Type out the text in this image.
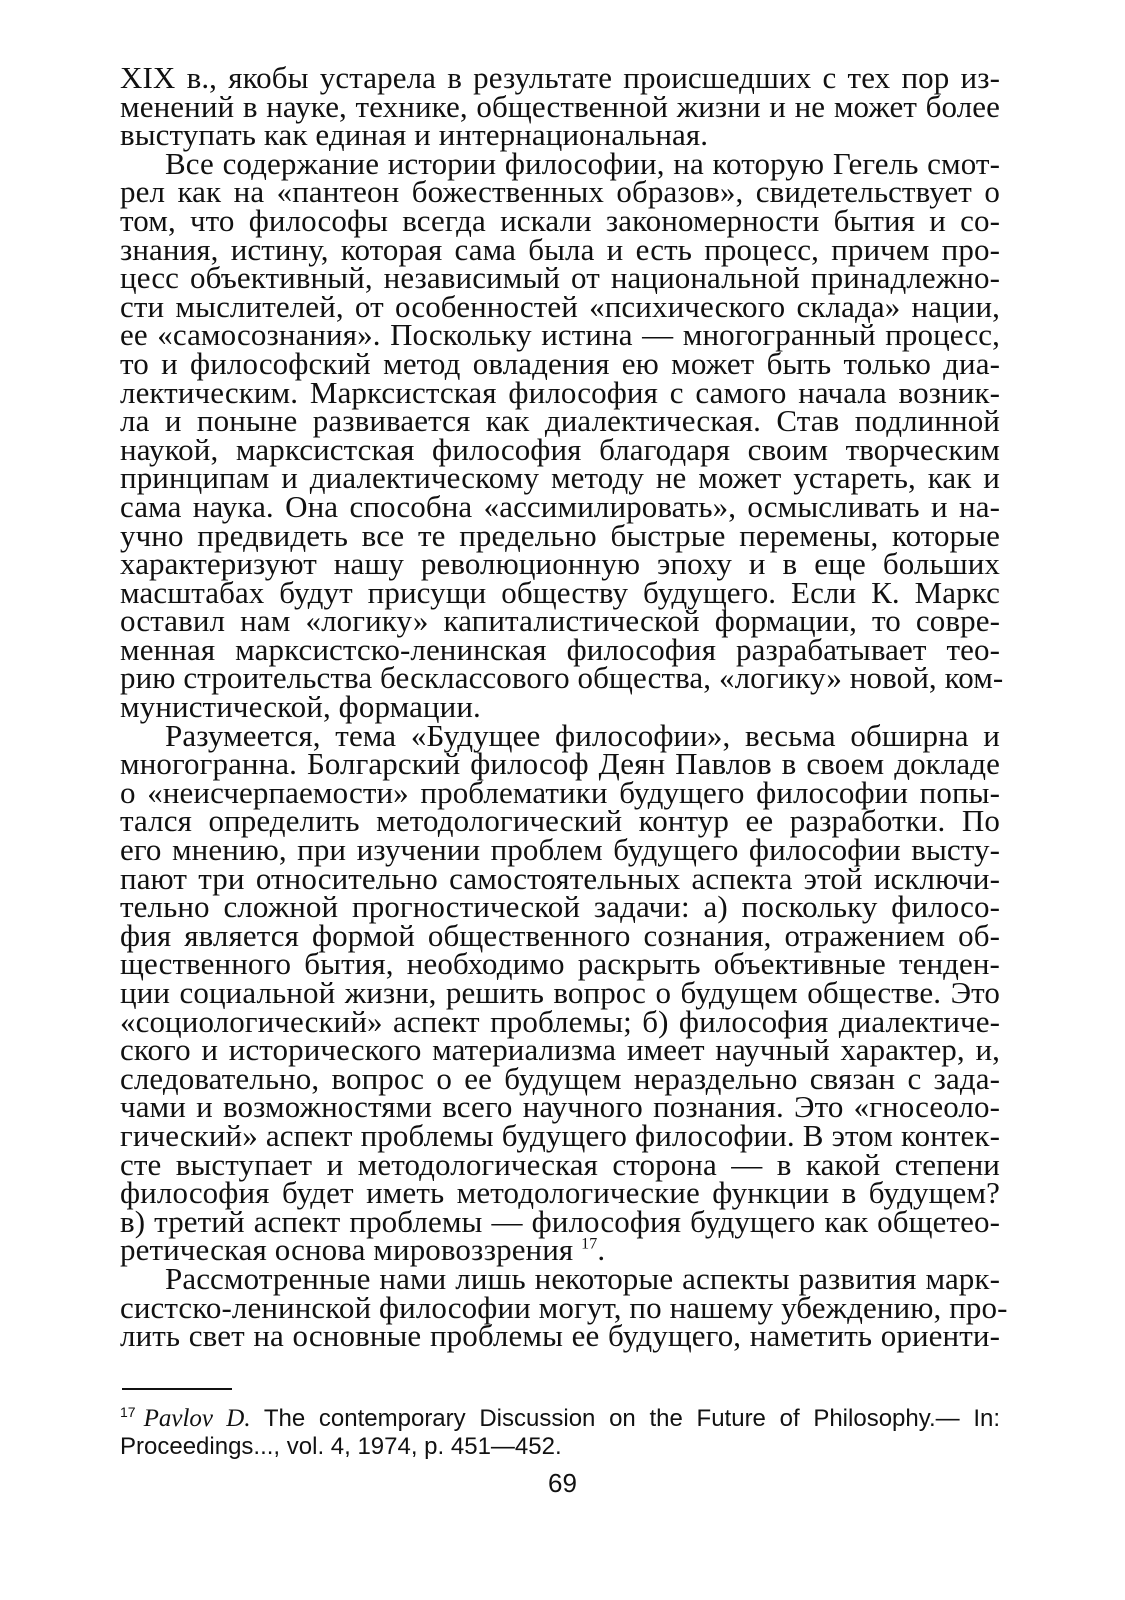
XIX в., якобы устарела в результате происшедших с тех пор из-
менений в науке, технике, общественной жизни и не может более
выступать как единая и интернациональная.
Все содержание истории философии, на которую Гегель смот-
рел как на «пантеон божественных образов», свидетельствует о
том, что философы всегда искали закономерности бытия и со-
знания, истину, которая сама была и есть процесс, причем про-
цесс объективный, независимый от национальной принадлежно-
сти мыслителей, от особенностей «психического склада» нации,
ее «самосознания». Поскольку истина — многогранный процесс,
то и философский метод овладения ею может быть только диа-
лектическим. Марксистская философия с самого начала возник-
ла и поныне развивается как диалектическая. Став подлинной
наукой, марксистская философия благодаря своим творческим
принципам и диалектическому методу не может устареть, как и
сама наука. Она способна «ассимилировать», осмысливать и на-
учно предвидеть все те предельно быстрые перемены, которые
характеризуют нашу революционную эпоху и в еще больших
масштабах будут присущи обществу будущего. Если К. Маркс
оставил нам «логику» капиталистической формации, то совре-
менная марксистско-ленинская философия разрабатывает тео-
рию строительства бесклассового общества, «логику» новой, ком-
мунистической, формации.
Разумеется, тема «Будущее философии», весьма обширна и
многогранна. Болгарский философ Деян Павлов в своем докладе
о «неисчерпаемости» проблематики будущего философии попы-
тался определить методологический контур ее разработки. По
его мнению, при изучении проблем будущего философии высту-
пают три относительно самостоятельных аспекта этой исключи-
тельно сложной прогностической задачи: а) поскольку филосо-
фия является формой общественного сознания, отражением об-
щественного бытия, необходимо раскрыть объективные тенден-
ции социальной жизни, решить вопрос о будущем обществе. Это
«социологический» аспект проблемы; б) философия диалектиче-
ского и исторического материализма имеет научный характер, и,
следовательно, вопрос о ее будущем нераздельно связан с зада-
чами и возможностями всего научного познания. Это «гносеоло-
гический» аспект проблемы будущего философии. В этом контек-
сте выступает и методологическая сторона — в какой степени
философия будет иметь методологические функции в будущем?
в) третий аспект проблемы — философия будущего как общетео-
ретическая основа мировоззрения $^{17}$.
Рассмотренные нами лишь некоторые аспекты развития марк-
систско-ленинской философии могут, по нашему убеждению, про-
лить свет на основные проблемы ее будущего, наметить ориенти-
$^{17}$ Pavlov D. The contemporary Discussion on the Future of Philosophy.— In:
Proceedings..., vol. 4, 1974, p. 451—452.
69
